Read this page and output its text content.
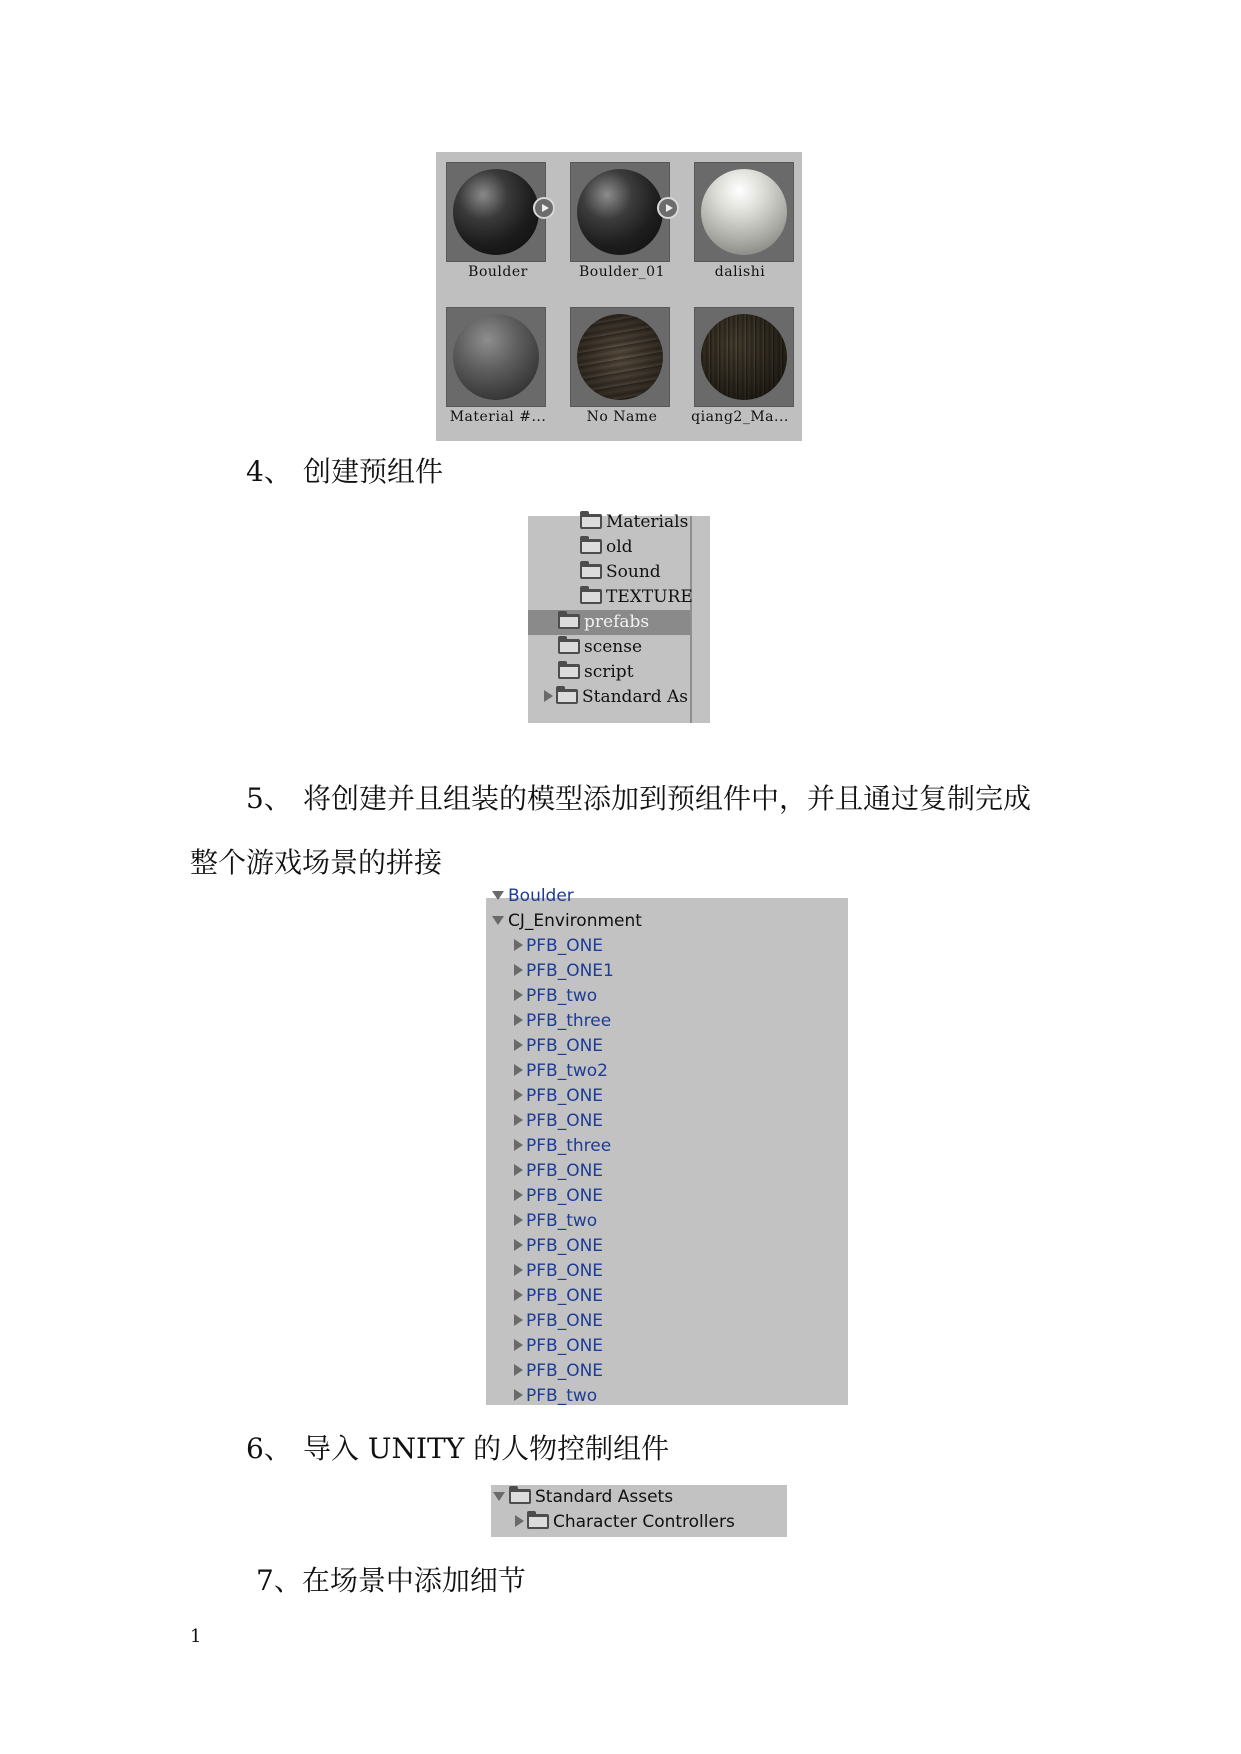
Boulder	Boulder_01	dalishi
Material #...	No Name	qiang2_Ma...
4、 创建预组件
Materials
old
Sound
TEXTURE
prefabs
scense
script
Standard As
5、 将创建并且组装的模型添加到预组件中，并且通过复制完成
整个游戏场景的拼接
Boulder
CJ_Environment
PFB_ONE
PFB_ONE1
PFB_two
PFB_three
PFB_ONE
PFB_two2
PFB_ONE
PFB_ONE
PFB_three
PFB_ONE
PFB_ONE
PFB_two
PFB_ONE
PFB_ONE
PFB_ONE
PFB_ONE
PFB_ONE
PFB_ONE
PFB_two
6、 导入 UNITY 的人物控制组件
Standard Assets
Character Controllers
7、在场景中添加细节
1
